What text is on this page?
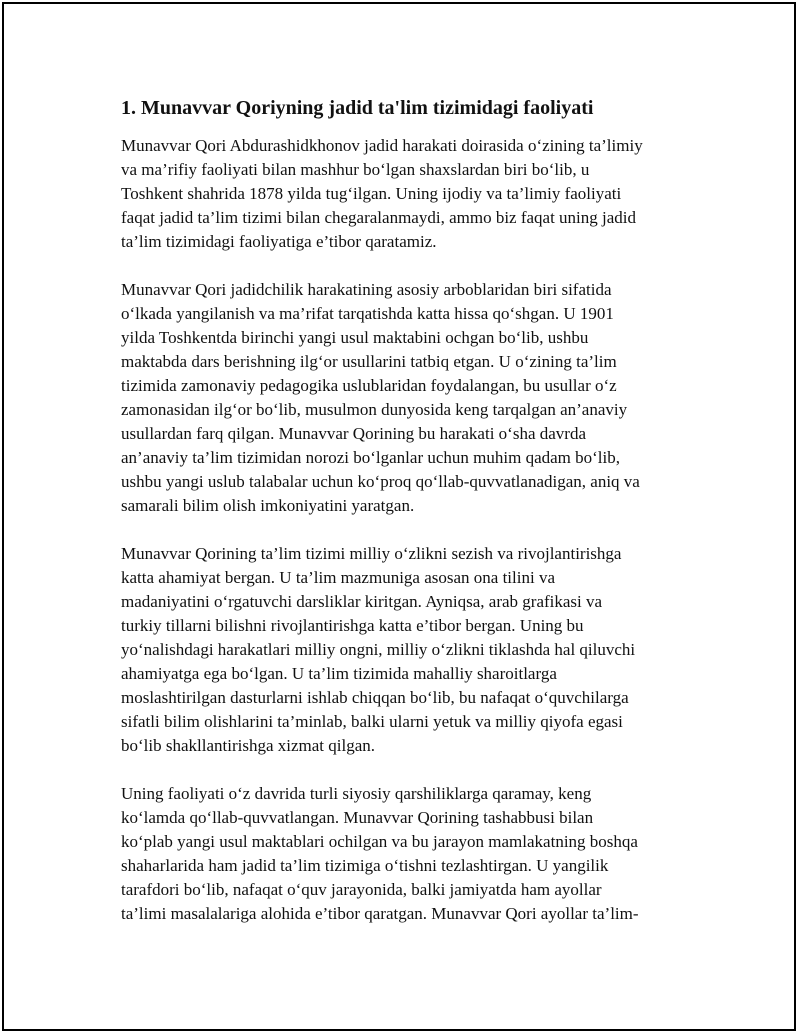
1. Munavvar Qoriyning jadid ta'lim tizimidagi faoliyati
Munavvar Qori Abdurashidkhonov jadid harakati doirasida o‘zining ta’limiy
va ma’rifiy faoliyati bilan mashhur bo‘lgan shaxslardan biri bo‘lib, u
Toshkent shahrida 1878 yilda tug‘ilgan. Uning ijodiy va ta’limiy faoliyati
faqat jadid ta’lim tizimi bilan chegaralanmaydi, ammo biz faqat uning jadid
ta’lim tizimidagi faoliyatiga e’tibor qaratamiz.
Munavvar Qori jadidchilik harakatining asosiy arboblaridan biri sifatida
o‘lkada yangilanish va ma’rifat tarqatishda katta hissa qo‘shgan. U 1901
yilda Toshkentda birinchi yangi usul maktabini ochgan bo‘lib, ushbu
maktabda dars berishning ilg‘or usullarini tatbiq etgan. U o‘zining ta’lim
tizimida zamonaviy pedagogika uslublaridan foydalangan, bu usullar o‘z
zamonasidan ilg‘or bo‘lib, musulmon dunyosida keng tarqalgan an’anaviy
usullardan farq qilgan. Munavvar Qorining bu harakati o‘sha davrda
an’anaviy ta’lim tizimidan norozi bo‘lganlar uchun muhim qadam bo‘lib,
ushbu yangi uslub talabalar uchun ko‘proq qo‘llab-quvvatlanadigan, aniq va
samarali bilim olish imkoniyatini yaratgan.
Munavvar Qorining ta’lim tizimi milliy o‘zlikni sezish va rivojlantirishga
katta ahamiyat bergan. U ta’lim mazmuniga asosan ona tilini va
madaniyatini o‘rgatuvchi darsliklar kiritgan. Ayniqsa, arab grafikasi va
turkiy tillarni bilishni rivojlantirishga katta e’tibor bergan. Uning bu
yo‘nalishdagi harakatlari milliy ongni, milliy o‘zlikni tiklashda hal qiluvchi
ahamiyatga ega bo‘lgan. U ta’lim tizimida mahalliy sharoitlarga
moslashtirilgan dasturlarni ishlab chiqqan bo‘lib, bu nafaqat o‘quvchilarga
sifatli bilim olishlarini ta’minlab, balki ularni yetuk va milliy qiyofa egasi
bo‘lib shakllantirishga xizmat qilgan.
Uning faoliyati o‘z davrida turli siyosiy qarshiliklarga qaramay, keng
ko‘lamda qo‘llab-quvvatlangan. Munavvar Qorining tashabbusi bilan
ko‘plab yangi usul maktablari ochilgan va bu jarayon mamlakatning boshqa
shaharlarida ham jadid ta’lim tizimiga o‘tishni tezlashtirgan. U yangilik
tarafdori bo‘lib, nafaqat o‘quv jarayonida, balki jamiyatda ham ayollar
ta’limi masalalariga alohida e’tibor qaratgan. Munavvar Qori ayollar ta’lim-
